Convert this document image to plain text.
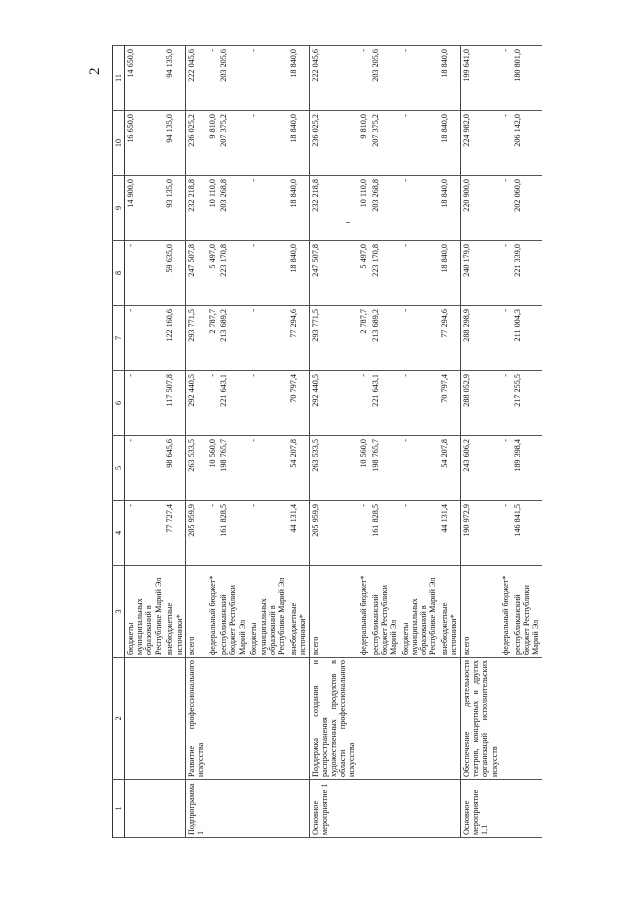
2
1	2	3	4	5	6	7	8	9	10	11
		бюджеты муниципальных образований в Республике Марий Эл	-	-	-	-	-	14 900,0	16 650,0	14 650,0
		внебюджетные источники*	77 727,4	98 645,6	117 507,8	122 160,6	59 635,0	93 135,0	94 135,0	94 135,0
Подпрограмма 1	Развитие профессионального искусства	всего	205 959,9	263 533,5	292 440,5	293 771,5	247 507,8	232 218,8	236 025,2	222 045,6
		федеральный бюджет*	-	10 560,0	-	2 787,7	5 497,0	10 110,0	9 810,0	-
		республиканский бюджет Республики Марий Эл	161 828,5	198 765,7	221 643,1	213 689,2	223 170,8	203 268,8	207 375,2	203 205,6
		бюджеты муниципальных образований в Республике Марий Эл	-	-	-	-	-	-	-	-
		внебюджетные источники*	44 131,4	54 207,8	70 797,4	77 294,6	18 840,0	18 840,0	18 840,0	18 840,0
Основное мероприятие 1	Поддержка создания и распространения художественных продуктов в области профессионального искусства	всего	205 959,9	263 533,5	292 440,5	293 771,5	247 507,8	232 218,8	236 025,2	222 045,6
		федеральный бюджет*	-	10 560,0	-	2 787,7	5 497,0	10 110,0	9 810,0	-
		республиканский бюджет Республики Марий Эл	161 828,5	198 765,7	221 643,1	213 689,2	223 170,8	203 268,8	207 375,2	203 205,6
		бюджеты муниципальных образований в Республике Марий Эл	-	-	-	-	-	-	-	-
		внебюджетные источники*	44 131,4	54 207,8	70 797,4	77 294,6	18 840,0	18 840,0	18 840,0	18 840,0
Основное мероприятие 1.1	Обеспечение деятельности театров, концертных и других организаций исполнительских искусств	всего	190 972,9	243 606,2	288 052,9	288 298,9	240 179,0	220 900,0	224 982,0	199 641,0
		федеральный бюджет*	-	-	-	-	-	-	-	-
		республиканский бюджет Республики Марий Эл	146 841,5	189 398,4	217 255,5	211 004,3	221 339,0	202 060,0	206 142,0	180 801,0
